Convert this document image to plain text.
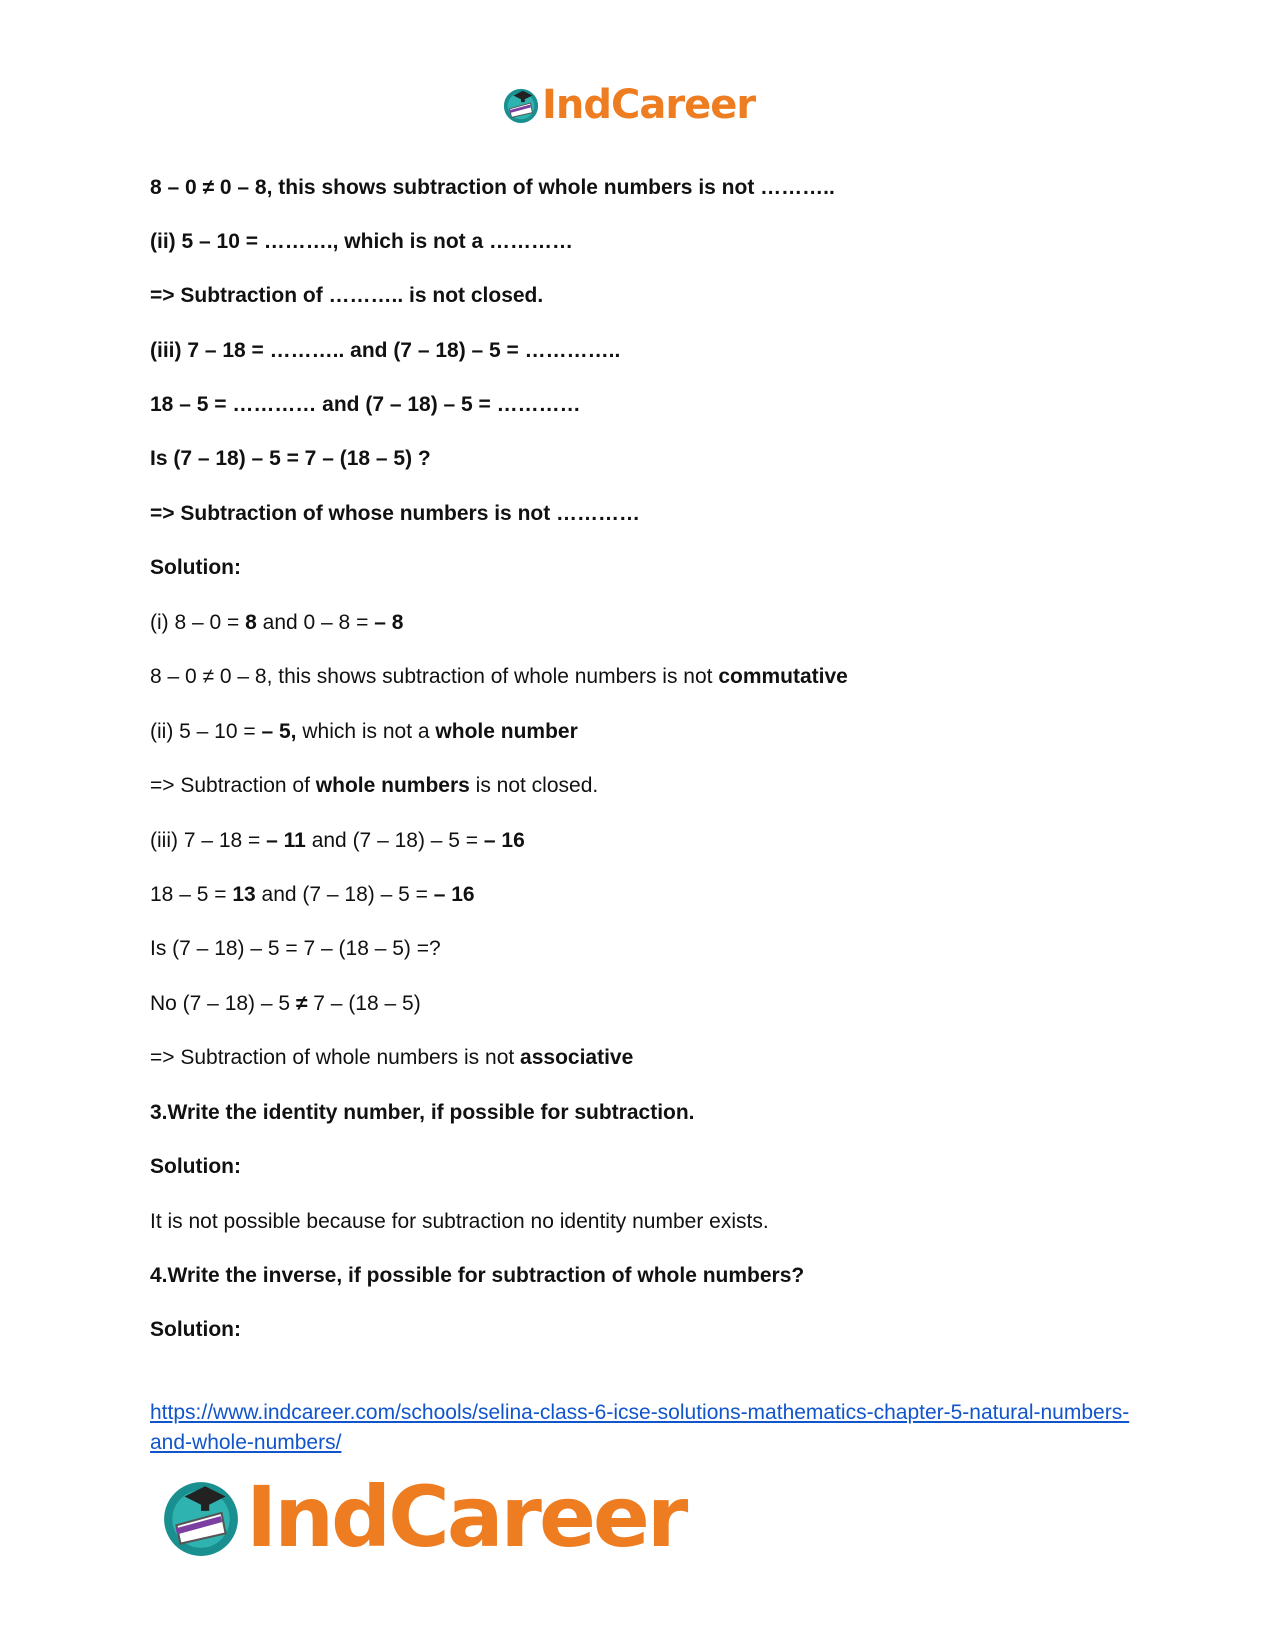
IndCareer
8 – 0 ≠ 0 – 8, this shows subtraction of whole numbers is not ………..
(ii) 5 – 10 = ………., which is not a …………
=> Subtraction of ……….. is not closed.
(iii) 7 – 18 = ……….. and (7 – 18) – 5 = …………..
18 – 5 = ………… and (7 – 18) – 5 = …………
Is (7 – 18) – 5 = 7 – (18 – 5) ?
=> Subtraction of whose numbers is not …………
Solution:
(i) 8 – 0 = 8 and 0 – 8 = – 8
8 – 0 ≠ 0 – 8, this shows subtraction of whole numbers is not commutative
(ii) 5 – 10 = – 5, which is not a whole number
=> Subtraction of whole numbers is not closed.
(iii) 7 – 18 = – 11 and (7 – 18) – 5 = – 16
18 – 5 = 13 and (7 – 18) – 5 = – 16
Is (7 – 18) – 5 = 7 – (18 – 5) =?
No (7 – 18) – 5 ≠ 7 – (18 – 5)
=> Subtraction of whole numbers is not associative
3.Write the identity number, if possible for subtraction.
Solution:
It is not possible because for subtraction no identity number exists.
4.Write the inverse, if possible for subtraction of whole numbers?
Solution:
https://www.indcareer.com/schools/selina-class-6-icse-solutions-mathematics-chapter-5-natural-numbers-and-whole-numbers/
IndCareer
